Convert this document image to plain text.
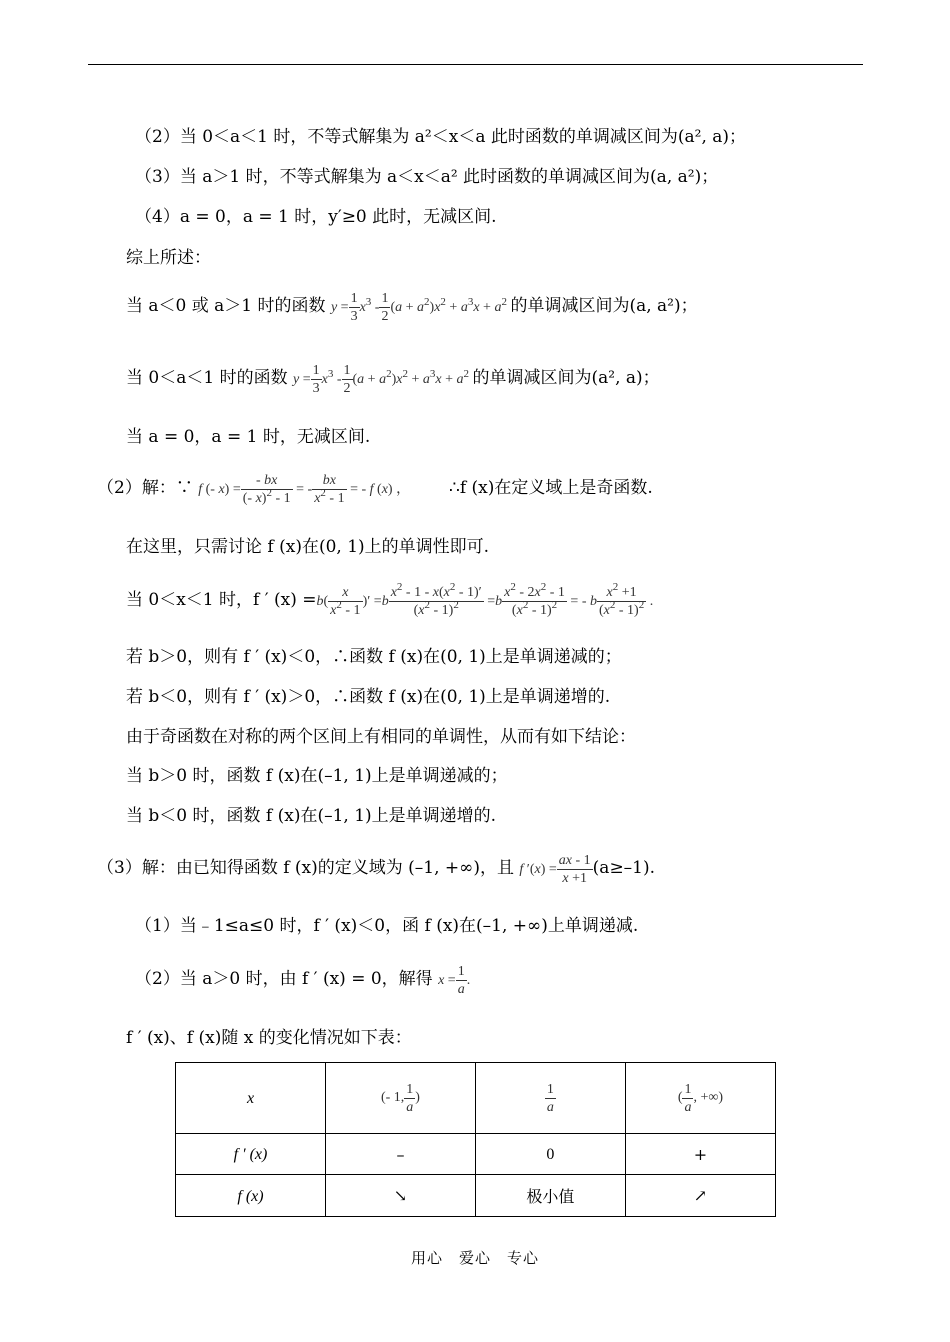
（2）当 0＜a＜1 时，不等式解集为 a²＜x＜a 此时函数的单调减区间为(a², a)；
（3）当 a＞1 时，不等式解集为 a＜x＜a² 此时函数的单调减区间为(a, a²)；
（4）a = 0，a = 1 时，y′≥0 此时，无减区间.
综上所述：
当 a＜0 或 a＞1 时的函数 $y = \frac{1}{3} x^3 - \frac{1}{2} (a + a^2)x^2 + a^3x + a^2$ 的单调减区间为(a, a²)；
当 0＜a＜1 时的函数 $y = \frac{1}{3} x^3 - \frac{1}{2} (a + a^2)x^2 + a^3x + a^2$ 的单调减区间为(a², a)；
当 a = 0，a = 1 时，无减区间.
（2）解：∵ f (- $x) = \frac{- bx}{(- x)^2 - 1}$ = - $\frac{bx}{x^2 - 1}$ = - f (x) ，  ∴f (x)在定义域上是奇函数.
在这里，只需讨论 f (x)在(0, 1)上的单调性即可.
当 0＜x＜1 时，f ′ $(x) =b( \frac{x}{x^2 - 1}$ )′ $=b \frac{x^2 - 1 - x(x^2 - 1)'}{(x^2 - 1)^2} =b \frac{x^2 - 2x^2 - 1}{(x^2 - 1)^2}$ = - b $\frac{x^2 +1}{(x^2 - 1)^2}$ .
若 b＞0，则有 f ′ (x)＜0，∴函数 f (x)在(0, 1)上是单调递减的；
若 b＜0，则有 f ′ (x)＞0，∴函数 f (x)在(0, 1)上是单调递增的.
由于奇函数在对称的两个区间上有相同的单调性，从而有如下结论：
当 b＞0 时，函数 f (x)在(–1, 1)上是单调递减的；
当 b＜0 时，函数 f (x)在(–1, 1)上是单调递增的.
（3）解：由已知得函数 f (x)的定义域为 (–1, +∞)，且 f $'(x) = \frac{ax - 1}{x +1} (a\ge-1)$.
（1）当﹣1≤a≤0 时，f ′ (x)＜0，函 f (x)在(–1, +∞)上单调递减.
（2）当 a＞0 时，由 f ′ (x) = 0，解得 $x = \frac{1}{a}$ .
f ′ (x)、f (x)随 x 的变化情况如下表：
x	(- 1, $\frac{1}{a}$ )	$\frac{1}{a}$	( $\frac{1}{a}$ , +∞)
f ′ (x)	–	0	+
f (x)	↘	极小值	↗
用心　爱心　专心
